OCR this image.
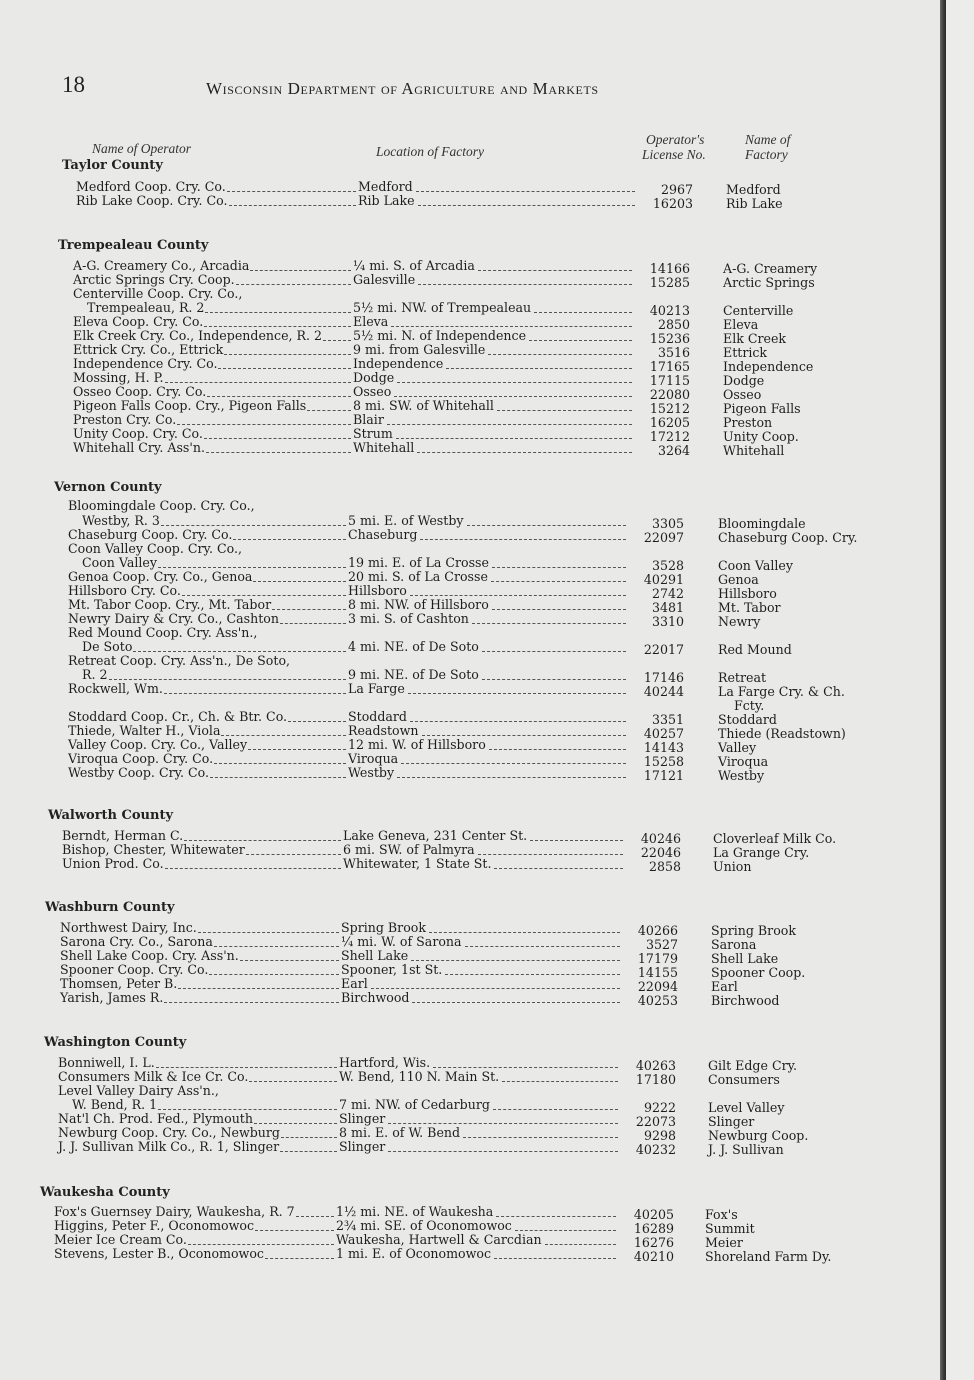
18	Wisconsin Department of Agriculture and Markets
Name of Operator	Location of Factory
Operator's
License No.
Name of
Factory
Taylor County
Medford Coop. Cry. Co.	Medford	2967	Medford
Rib Lake Coop. Cry. Co.	Rib Lake	16203	Rib Lake
Trempealeau County
A-G. Creamery Co., Arcadia	¼ mi. S. of Arcadia	14166	A-G. Creamery
Arctic Springs Cry. Coop.	Galesville	15285	Arctic Springs
Centerville Coop. Cry. Co.,
Trempealeau, R. 2	5½ mi. NW. of Trempealeau	40213	Centerville
Eleva Coop. Cry. Co.	Eleva	2850	Eleva
Elk Creek Cry. Co., Independence, R. 2 5½ mi. N. of Independence	15236	Elk Creek
Ettrick Cry. Co., Ettrick	9 mi. from Galesville	3516	Ettrick
Independence Cry. Co.	Independence	17165	Independence
Mossing, H. P.	Dodge	17115	Dodge
Osseo Coop. Cry. Co.	Osseo	22080	Osseo
Pigeon Falls Coop. Cry., Pigeon Falls	8 mi. SW. of Whitehall	15212	Pigeon Falls
Preston Cry. Co.	Blair	16205	Preston
Unity Coop. Cry. Co.	Strum	17212	Unity Coop.
Whitehall Cry. Ass'n.	Whitehall	3264	Whitehall
Vernon County
Bloomingdale Coop. Cry. Co.,
Westby, R. 3	5 mi. E. of Westby	3305	Bloomingdale
Chaseburg Coop. Cry. Co.	Chaseburg	22097	Chaseburg Coop. Cry.
Coon Valley Coop. Cry. Co.,
Coon Valley	19 mi. E. of La Crosse	3528	Coon Valley
Genoa Coop. Cry. Co., Genoa	20 mi. S. of La Crosse	40291	Genoa
Hillsboro Cry. Co.	Hillsboro	2742	Hillsboro
Mt. Tabor Coop. Cry., Mt. Tabor	8 mi. NW. of Hillsboro	3481	Mt. Tabor
Newry Dairy & Cry. Co., Cashton	3 mi. S. of Cashton	3310	Newry
Red Mound Coop. Cry. Ass'n.,
De Soto	4 mi. NE. of De Soto	22017	Red Mound
Retreat Coop. Cry. Ass'n., De Soto,
R. 2	9 mi. NE. of De Soto	17146	Retreat
Rockwell, Wm.	La Farge	40244	La Farge Cry. & Ch.
Fcty.
Stoddard Coop. Cr., Ch. & Btr. Co.	Stoddard	3351	Stoddard
Thiede, Walter H., Viola	Readstown	40257	Thiede (Readstown)
Valley Coop. Cry. Co., Valley	12 mi. W. of Hillsboro	14143	Valley
Viroqua Coop. Cry. Co.	Viroqua	15258	Viroqua
Westby Coop. Cry. Co.	Westby	17121	Westby
Walworth County
Berndt, Herman C.	Lake Geneva, 231 Center St.	40246	Cloverleaf Milk Co.
Bishop, Chester, Whitewater	6 mi. SW. of Palmyra	22046	La Grange Cry.
Union Prod. Co.	Whitewater, 1 State St.	2858	Union
Washburn County
Northwest Dairy, Inc.	Spring Brook	40266	Spring Brook
Sarona Cry. Co., Sarona	¼ mi. W. of Sarona	3527	Sarona
Shell Lake Coop. Cry. Ass'n.	Shell Lake	17179	Shell Lake
Spooner Coop. Cry. Co.	Spooner, 1st St.	14155	Spooner Coop.
Thomsen, Peter B.	Earl	22094	Earl
Yarish, James R.	Birchwood	40253	Birchwood
Washington County
Bonniwell, I. L.	Hartford, Wis.	40263	Gilt Edge Cry.
Consumers Milk & Ice Cr. Co.	W. Bend, 110 N. Main St.	17180	Consumers
Level Valley Dairy Ass'n.,
W. Bend, R. 1	7 mi. NW. of Cedarburg	9222	Level Valley
Nat'l Ch. Prod. Fed., Plymouth	Slinger	22073	Slinger
Newburg Coop. Cry. Co., Newburg	8 mi. E. of W. Bend	9298	Newburg Coop.
J. J. Sullivan Milk Co., R. 1, Slinger	Slinger	40232	J. J. Sullivan
Waukesha County
Fox's Guernsey Dairy, Waukesha, R. 7	1½ mi. NE. of Waukesha	40205 Fox's
Higgins, Peter F., Oconomowoc	2¾ mi. SE. of Oconomowoc	16289 Summit
Meier Ice Cream Co.	Waukesha, Hartwell & Carcdian	16276 Meier
Stevens, Lester B., Oconomowoc	1 mi. E. of Oconomowoc	40210 Shoreland Farm Dy.
